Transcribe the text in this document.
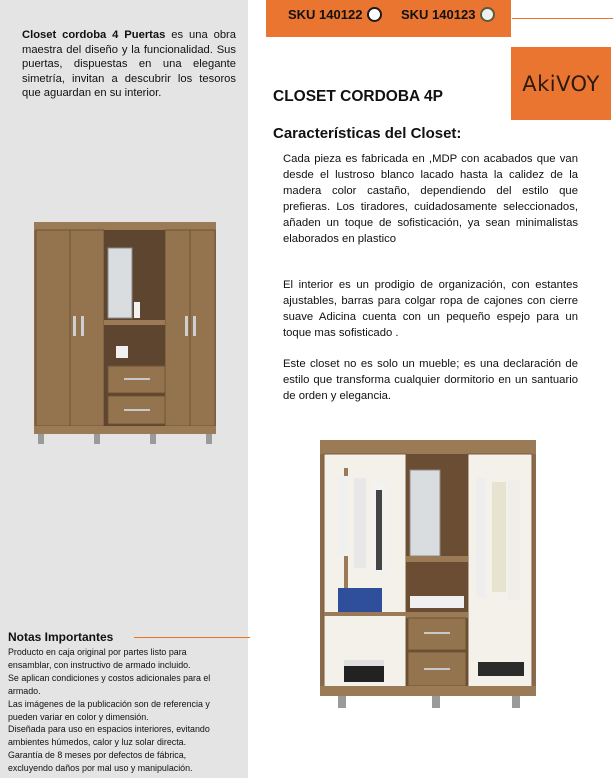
Closet cordoba 4 Puertas es una obra maestra del diseño y la funcionalidad. Sus puertas, dispuestas en una elegante simetría, invitan a descubrir los tesoros que aguardan en su interior.

Notas Importantes
Producto en caja original por partes listo para
ensamblar, con instructivo de armado incluido.
Se aplican condiciones y costos adicionales para el
armado.
Las imágenes de la publicación son de referencia y
pueden variar en color y dimensión.
Diseñada para uso en espacios interiores, evitando
ambientes húmedos, calor y luz solar directa.
Garantía de 8 meses por defectos de fábrica,
excluyendo daños por mal uso y manipulación.
SKU 140122	SKU 140123
AkiVOY
CLOSET CORDOBA 4P
Características del Closet:

Cada pieza es fabricada en ,MDP con acabados que van desde el lustroso blanco lacado hasta la calidez de la madera color castaño, dependiendo del estilo que prefieras. Los tiradores, cuidadosamente seleccionados, añaden un toque de sofisticación, ya sean minimalistas elaborados en plastico

El interior es un prodigio de organización, con estantes ajustables, barras para colgar ropa de cajones con cierre suave Adicina cuenta con un pequeño espejo para un toque mas sofisticado .

Este closet no es solo un mueble; es una declaración de estilo que transforma cualquier dormitorio en un santuario de orden y elegancia.
